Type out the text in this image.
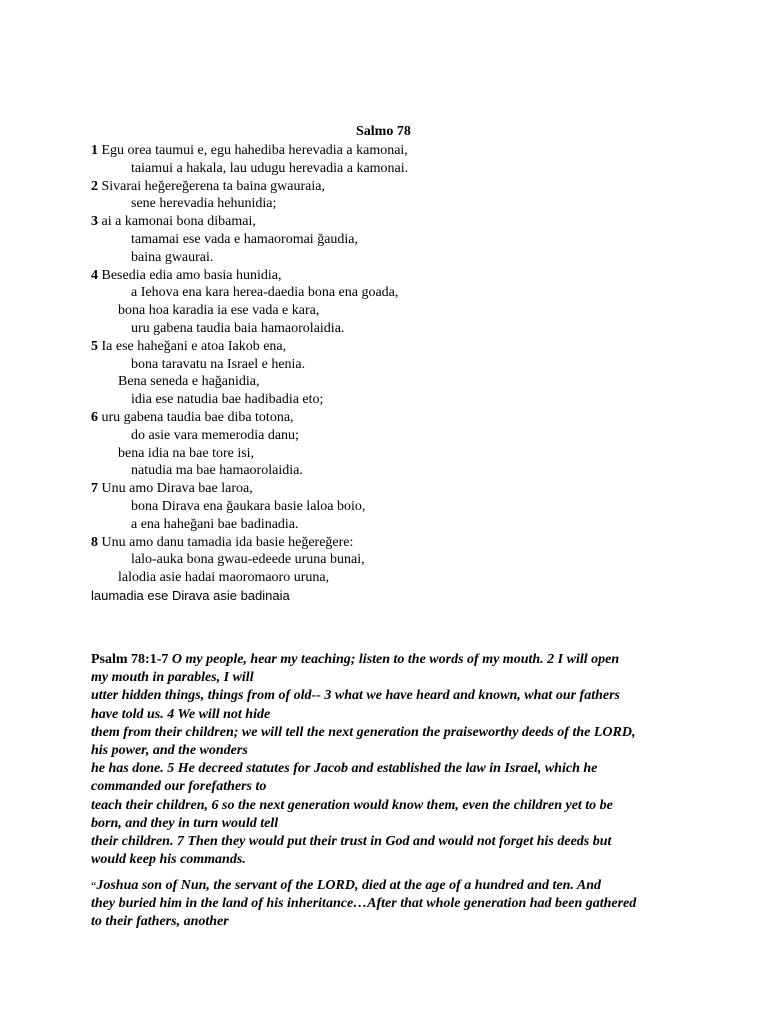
Salmo 78
1 Egu orea taumui e, egu hahediba herevadia a kamonai,
taiamui a hakala, lau udugu herevadia a kamonai.
2 Sivarai heğereğerena ta baina gwauraia,
sene herevadia hehunidia;
3 ai a kamonai bona dibamai,
tamamai ese vada e hamaoromai ğaudia,
baina gwaurai.
4 Besedia edia amo basia hunidia,
a Iehova ena kara herea-daedia bona ena goada,
bona hoa karadia ia ese vada e kara,
uru gabena taudia baia hamaorolaidia.
5 Ia ese haheğani e atoa Iakob ena,
bona taravatu na Israel e henia.
Bena seneda e hağanidia,
idia ese natudia bae hadibadia eto;
6 uru gabena taudia bae diba totona,
do asie vara memerodia danu;
bena idia na bae tore isi,
natudia ma bae hamaorolaidia.
7 Unu amo Dirava bae laroa,
bona Dirava ena ğaukara basie laloa boio,
a ena haheğani bae badinadia.
8 Unu amo danu tamadia ida basie heğereğere:
lalo-auka bona gwau-edeede uruna bunai,
lalodia asie hadai maoromaoro uruna,
laumadia ese Dirava asie badinaia
Psalm 78:1-7 O my people, hear my teaching; listen to the words of my mouth. 2 I will open
my mouth in parables, I will
utter hidden things, things from of old-- 3 what we have heard and known, what our fathers
have told us. 4 We will not hide
them from their children; we will tell the next generation the praiseworthy deeds of the LORD,
his power, and the wonders
he has done. 5 He decreed statutes for Jacob and established the law in Israel, which he
commanded our forefathers to
teach their children, 6 so the next generation would know them, even the children yet to be
born, and they in turn would tell
their children. 7 Then they would put their trust in God and would not forget his deeds but
would keep his commands.
“Joshua son of Nun, the servant of the LORD, died at the age of a hundred and ten. And
they buried him in the land of his inheritance…After that whole generation had been gathered
to their fathers, another
